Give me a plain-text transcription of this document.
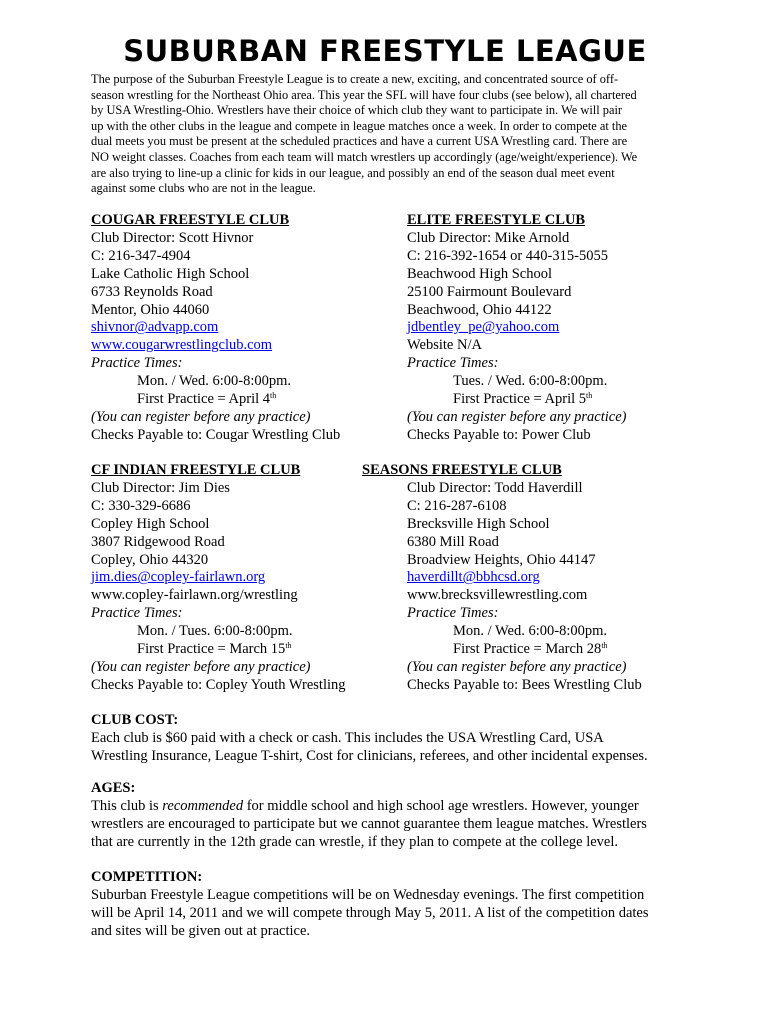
SUBURBAN FREESTYLE LEAGUE
The purpose of the Suburban Freestyle League is to create a new, exciting, and concentrated source of off-
season wrestling for the Northeast Ohio area. This year the SFL will have four clubs (see below), all chartered
by USA Wrestling-Ohio. Wrestlers have their choice of which club they want to participate in. We will pair
up with the other clubs in the league and compete in league matches once a week. In order to compete at the
dual meets you must be present at the scheduled practices and have a current USA Wrestling card. There are
NO weight classes. Coaches from each team will match wrestlers up accordingly (age/weight/experience). We
are also trying to line-up a clinic for kids in our league, and possibly an end of the season dual meet event
against some clubs who are not in the league.
COUGAR FREESTYLE CLUB
Club Director: Scott Hivnor
C: 216-347-4904
Lake Catholic High School
6733 Reynolds Road
Mentor, Ohio 44060
shivnor@advapp.com
www.cougarwrestlingclub.com
Practice Times:
Mon. / Wed. 6:00-8:00pm.
First Practice = April 4th
(You can register before any practice)
Checks Payable to: Cougar Wrestling Club
ELITE FREESTYLE CLUB
Club Director: Mike Arnold
C: 216-392-1654 or 440-315-5055
Beachwood High School
25100 Fairmount Boulevard
Beachwood, Ohio 44122
jdbentley_pe@yahoo.com
Website N/A
Practice Times:
Tues. / Wed. 6:00-8:00pm.
First Practice = April 5th
(You can register before any practice)
Checks Payable to: Power Club
CF INDIAN FREESTYLE CLUB
Club Director: Jim Dies
C: 330-329-6686
Copley High School
3807 Ridgewood Road
Copley, Ohio 44320
jim.dies@copley-fairlawn.org
www.copley-fairlawn.org/wrestling
Practice Times:
Mon. / Tues. 6:00-8:00pm.
First Practice = March 15th
(You can register before any practice)
Checks Payable to: Copley Youth Wrestling
SEASONS FREESTYLE CLUB
Club Director: Todd Haverdill
C: 216-287-6108
Brecksville High School
6380 Mill Road
Broadview Heights, Ohio 44147
haverdillt@bbhcsd.org
www.brecksvillewrestling.com
Practice Times:
Mon. / Wed. 6:00-8:00pm.
First Practice = March 28th
(You can register before any practice)
Checks Payable to: Bees Wrestling Club
CLUB COST:
Each club is $60 paid with a check or cash. This includes the USA Wrestling Card, USA
Wrestling Insurance, League T-shirt, Cost for clinicians, referees, and other incidental expenses.
AGES:
This club is recommended for middle school and high school age wrestlers. However, younger
wrestlers are encouraged to participate but we cannot guarantee them league matches. Wrestlers
that are currently in the 12th grade can wrestle, if they plan to compete at the college level.
COMPETITION:
Suburban Freestyle League competitions will be on Wednesday evenings. The first competition
will be April 14, 2011 and we will compete through May 5, 2011. A list of the competition dates
and sites will be given out at practice.
